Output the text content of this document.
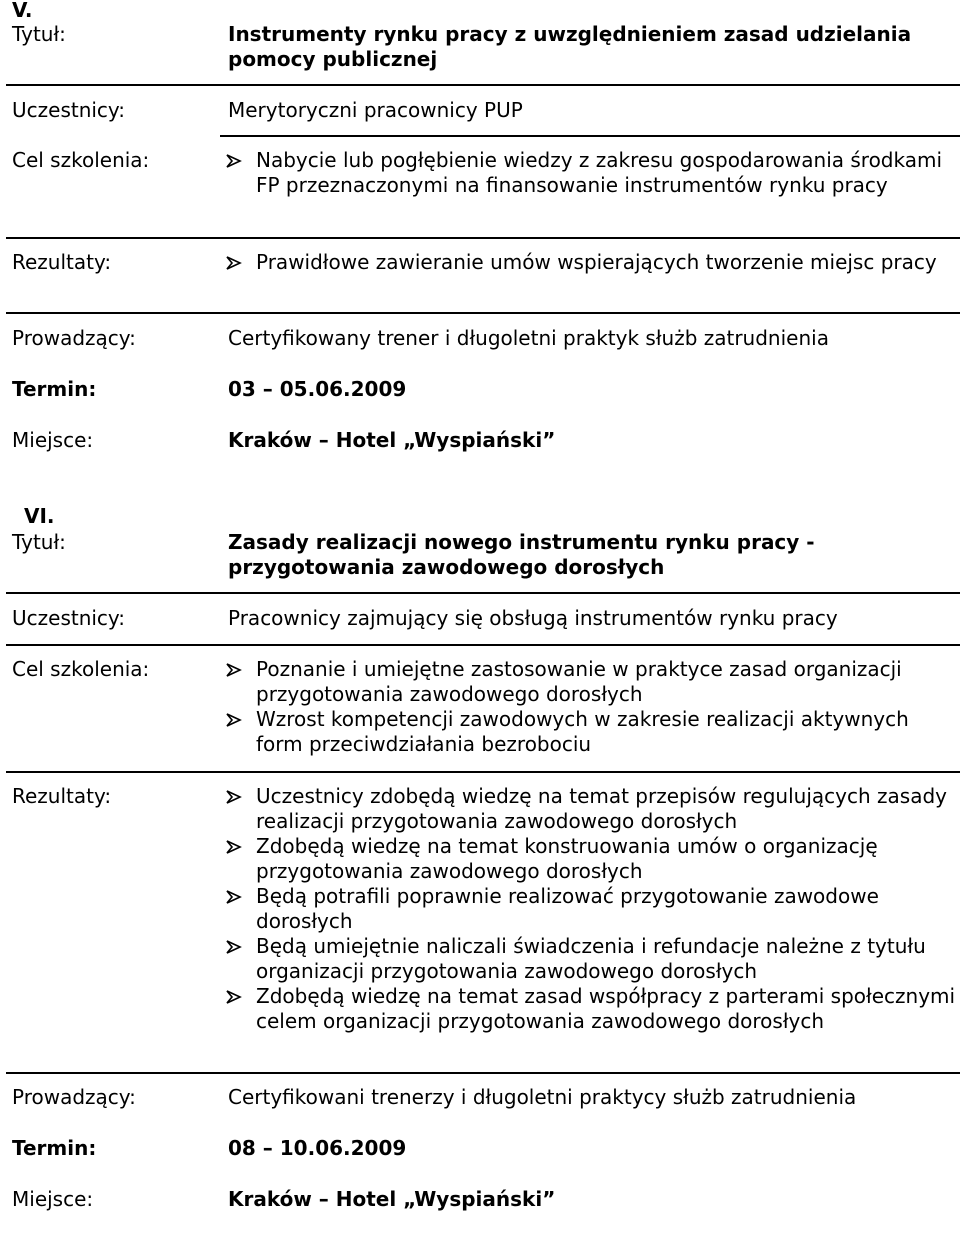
V.
Tytuł:	Instrumenty rynku pracy z uwzględnieniem zasad udzielania pomocy publicznej
Uczestnicy:	Merytoryczni pracownicy PUP
Cel szkolenia:	Nabycie lub pogłębienie wiedzy z zakresu gospodarowania środkami FP przeznaczonymi na finansowanie instrumentów rynku pracy
Rezultaty:	Prawidłowe zawieranie umów wspierających tworzenie miejsc pracy
Prowadzący:	Certyfikowany trener i długoletni praktyk służb zatrudnienia
Termin:	03 – 05.06.2009
Miejsce:	Kraków – Hotel „Wyspiański”
VI.
Tytuł:	Zasady realizacji nowego instrumentu rynku pracy - przygotowania zawodowego dorosłych
Uczestnicy:	Pracownicy zajmujący się obsługą instrumentów rynku pracy
Cel szkolenia:	Poznanie i umiejętne zastosowanie w praktyce zasad organizacji przygotowania zawodowego dorosłych
Wzrost kompetencji zawodowych w zakresie realizacji aktywnych form przeciwdziałania bezrobociu
Rezultaty:	Uczestnicy zdobędą wiedzę na temat przepisów regulujących zasady realizacji przygotowania zawodowego dorosłych
Zdobędą wiedzę na temat konstruowania umów o organizację przygotowania zawodowego dorosłych
Będą potrafili poprawnie realizować przygotowanie zawodowe dorosłych
Będą umiejętnie naliczali świadczenia i refundacje należne z tytułu organizacji przygotowania zawodowego dorosłych
Zdobędą wiedzę na temat zasad współpracy z parterami społecznymi celem organizacji przygotowania zawodowego dorosłych
Prowadzący:	Certyfikowani trenerzy i długoletni praktycy służb zatrudnienia
Termin:	08 – 10.06.2009
Miejsce:	Kraków – Hotel „Wyspiański”
